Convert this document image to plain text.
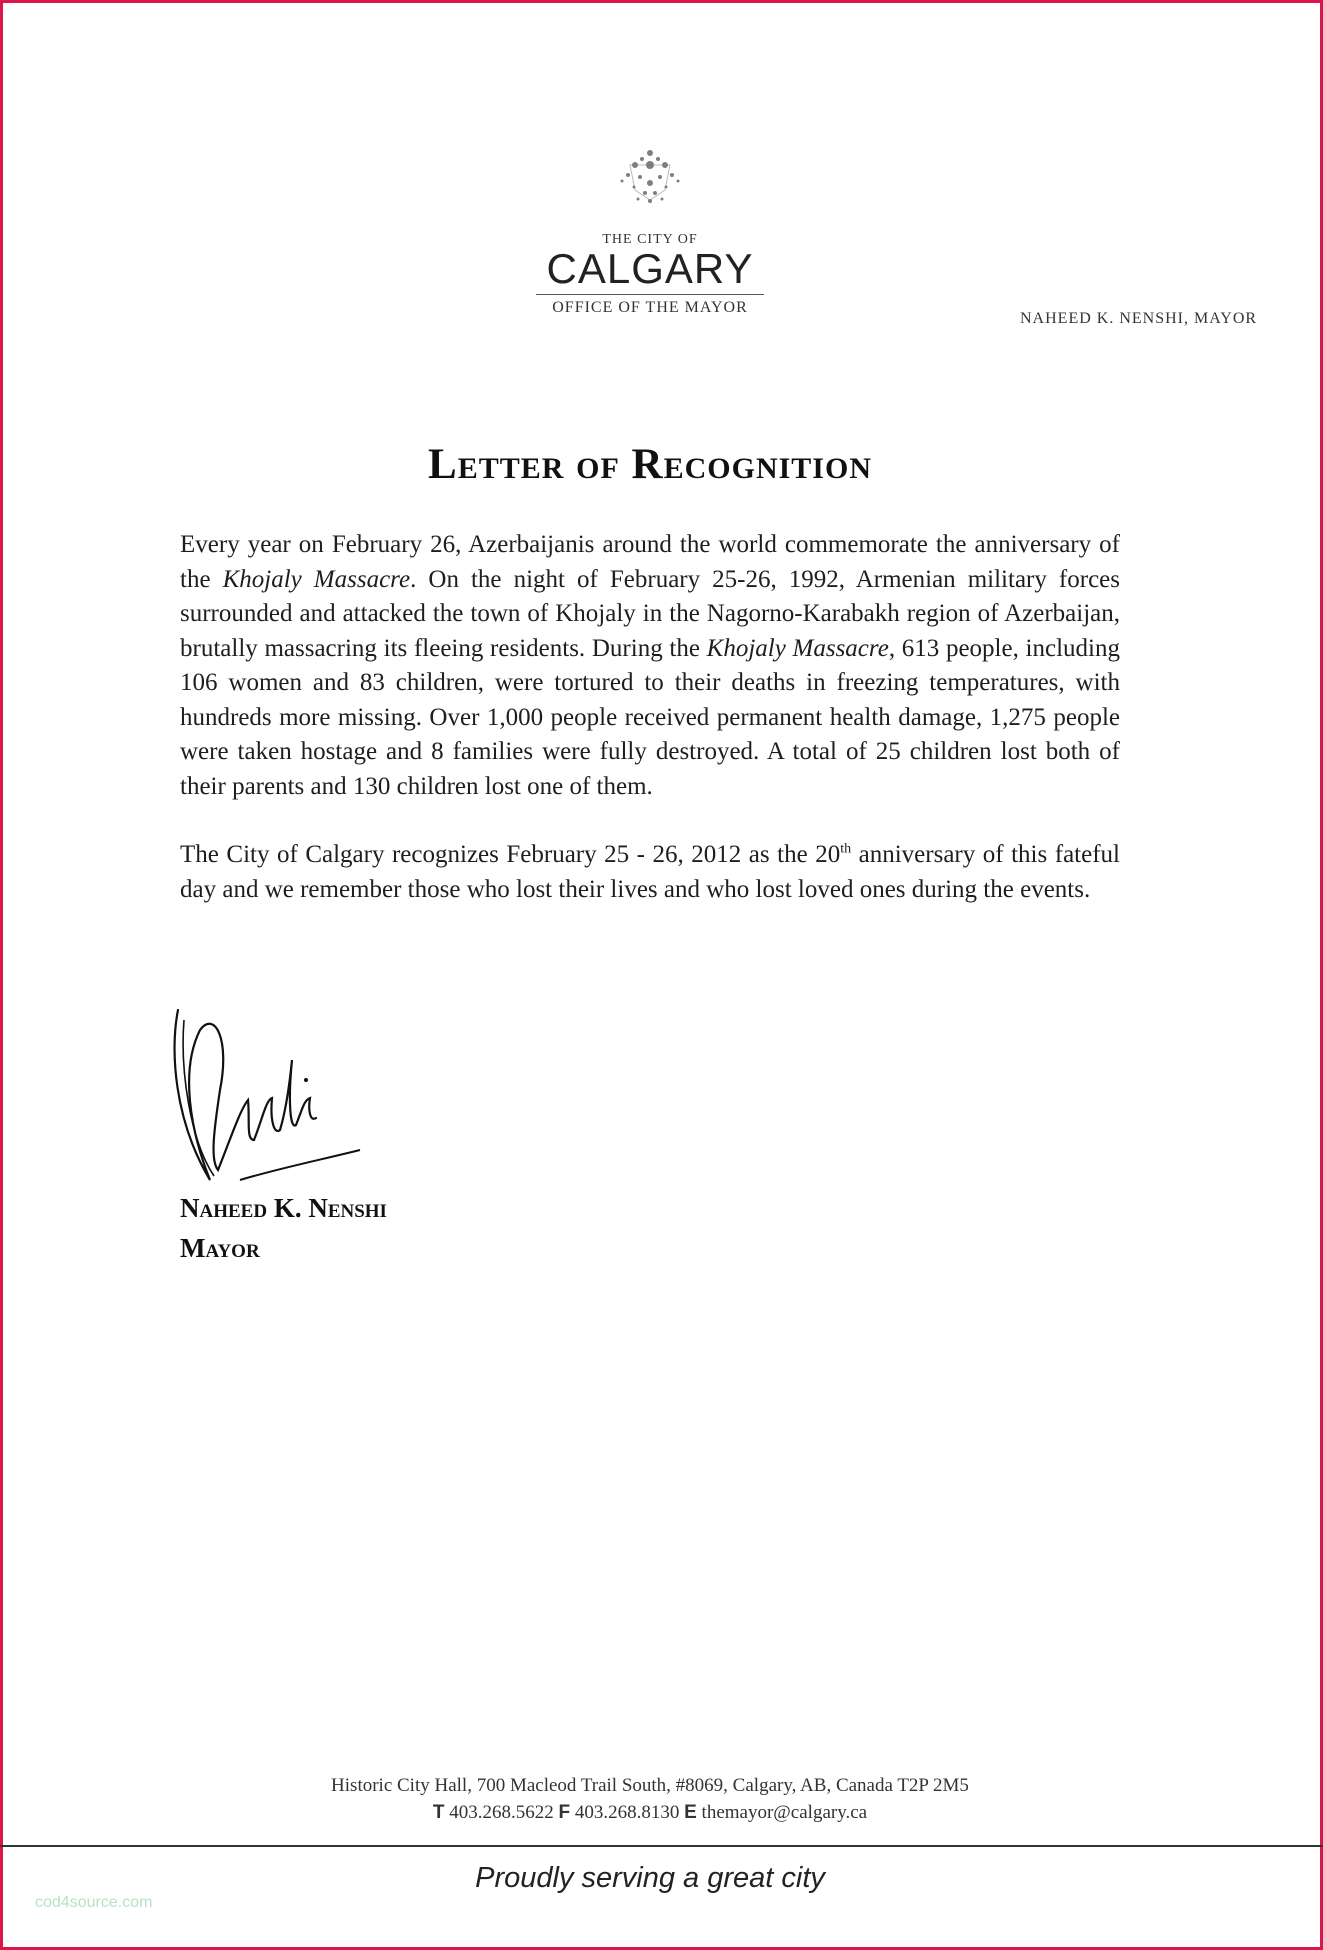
THE CITY OF
CALGARY
OFFICE OF THE MAYOR
NAHEED K. NENSHI, MAYOR
Letter of Recognition

Every year on February 26, Azerbaijanis around the world commemorate the anniversary of the Khojaly Massacre. On the night of February 25-26, 1992, Armenian military forces surrounded and attacked the town of Khojaly in the Nagorno-Karabakh region of Azerbaijan, brutally massacring its fleeing residents. During the Khojaly Massacre, 613 people, including 106 women and 83 children, were tortured to their deaths in freezing temperatures, with hundreds more missing. Over 1,000 people received permanent health damage, 1,275 people were taken hostage and 8 families were fully destroyed. A total of 25 children lost both of their parents and 130 children lost one of them.

The City of Calgary recognizes February 25 - 26, 2012 as the 20th anniversary of this fateful day and we remember those who lost their lives and who lost loved ones during the events.

Naheed K. Nenshi
Mayor
Historic City Hall, 700 Macleod Trail South, #8069, Calgary, AB, Canada T2P 2M5
T 403.268.5622 F 403.268.8130 E themayor@calgary.ca
Proudly serving a great city
cod4source.com
